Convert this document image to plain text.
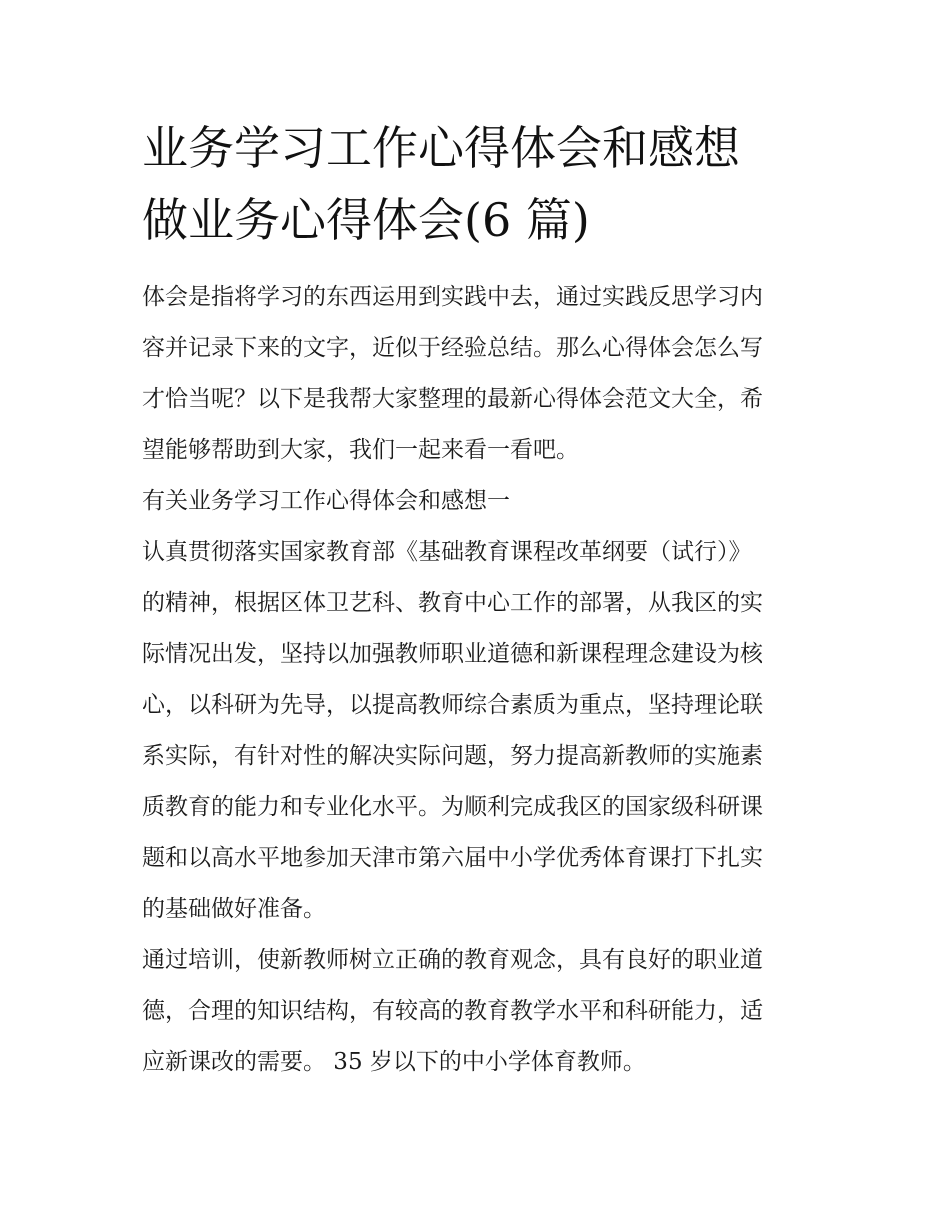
业务学习工作心得体会和感想
做业务心得体会(6 篇)

体会是指将学习的东西运用到实践中去，通过实践反思学习内
容并记录下来的文字，近似于经验总结。那么心得体会怎么写
才恰当呢？以下是我帮大家整理的最新心得体会范文大全，希
望能够帮助到大家，我们一起来看一看吧。

有关业务学习工作心得体会和感想一

认真贯彻落实国家教育部《基础教育课程改革纲要（试行）》
的精神，根据区体卫艺科、教育中心工作的部署，从我区的实
际情况出发，坚持以加强教师职业道德和新课程理念建设为核
心，以科研为先导，以提高教师综合素质为重点，坚持理论联
系实际，有针对性的解决实际问题，努力提高新教师的实施素
质教育的能力和专业化水平。为顺利完成我区的国家级科研课
题和以高水平地参加天津市第六届中小学优秀体育课打下扎实
的基础做好准备。

通过培训，使新教师树立正确的教育观念，具有良好的职业道
德，合理的知识结构，有较高的教育教学水平和科研能力，适
应新课改的需要。 35 岁以下的中小学体育教师。
